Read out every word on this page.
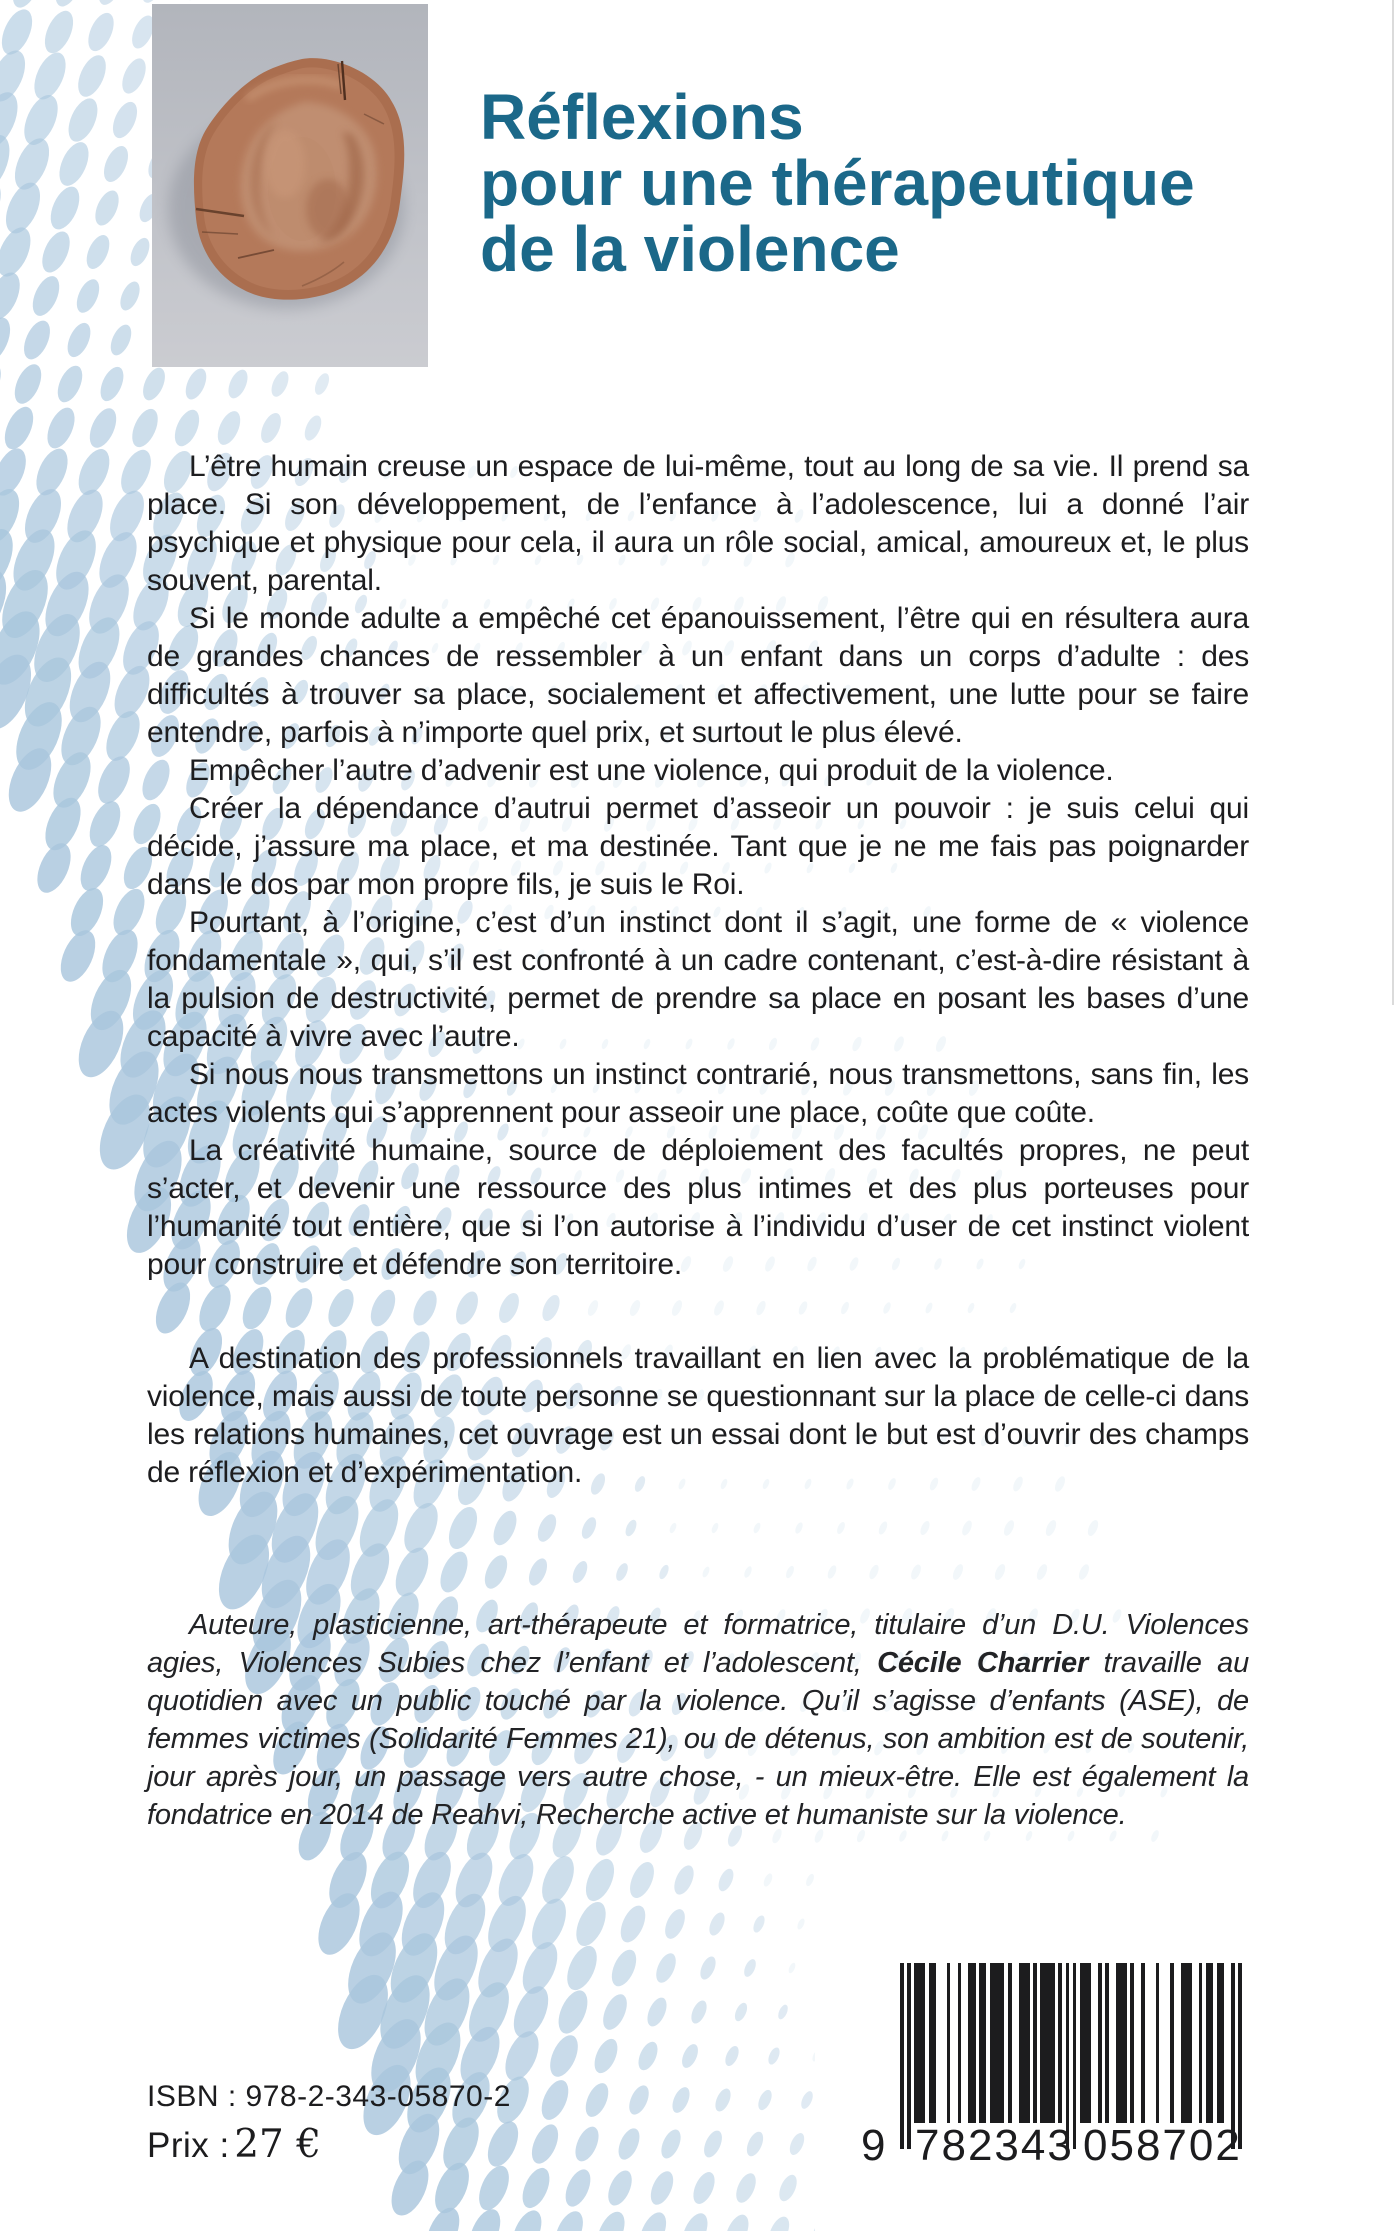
Réflexions
pour une thérapeutique
de la violence

L’être humain creuse un espace de lui-même, tout au long de sa vie. Il prend sa place. Si son développement, de l’enfance à l’adolescence, lui a donné l’air psychique et physique pour cela, il aura un rôle social, amical, amoureux et, le plus souvent, parental.

Si le monde adulte a empêché cet épanouissement, l’être qui en résultera aura de grandes chances de ressembler à un enfant dans un corps d’adulte : des difficultés à trouver sa place, socialement et affectivement, une lutte pour se faire entendre, parfois à n’importe quel prix, et surtout le plus élevé.

Empêcher l’autre d’advenir est une violence, qui produit de la violence.

Créer la dépendance d’autrui permet d’asseoir un pouvoir : je suis celui qui décide, j’assure ma place, et ma destinée. Tant que je ne me fais pas poignarder dans le dos par mon propre fils, je suis le Roi.

Pourtant, à l’origine, c’est d’un instinct dont il s’agit, une forme de « violence fondamentale », qui, s’il est confronté à un cadre contenant, c’est-à-dire résistant à la pulsion de destructivité, permet de prendre sa place en posant les bases d’une capacité à vivre avec l’autre.

Si nous nous transmettons un instinct contrarié, nous transmettons, sans fin, les actes violents qui s’apprennent pour asseoir une place, coûte que coûte.

La créativité humaine, source de déploiement des facultés propres, ne peut s’acter, et devenir une ressource des plus intimes et des plus porteuses pour l’humanité tout entière, que si l’on autorise à l’individu d’user de cet instinct violent pour construire et défendre son territoire.

A destination des professionnels travaillant en lien avec la problématique de la violence, mais aussi de toute personne se questionnant sur la place de celle-ci dans les relations humaines, cet ouvrage est un essai dont le but est d’ouvrir des champs de réflexion et d’expérimentation.

Auteure, plasticienne, art-thérapeute et formatrice, titulaire d’un D.U. Violences agies, Violences Subies chez l’enfant et l’adolescent, Cécile Charrier travaille au quotidien avec un public touché par la violence. Qu’il s’agisse d’enfants (ASE), de femmes victimes (Solidarité Femmes 21), ou de détenus, son ambition est de soutenir, jour après jour, un passage vers autre chose, - un mieux-être. Elle est également la fondatrice en 2014 de Reahvi, Recherche active et humaniste sur la violence.
9 782343 058702
ISBN : 978-2-343-05870-2
Prix : 27 €
